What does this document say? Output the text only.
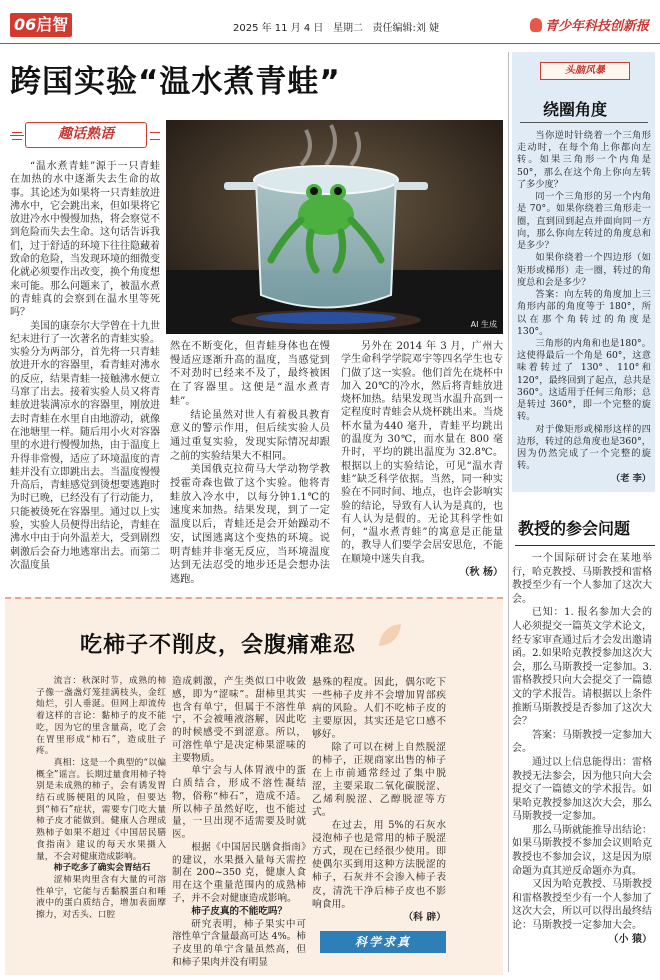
06启智	2025 年 11 月 4 日 星期二 责任编辑:刘 婕	青少年科技创新报
跨国实验“温水煮青蛙”
趣话熟语

“温水煮青蛙”源于一只青蛙在加热的水中逐渐失去生命的故事。其论述为如果将一只青蛙放进沸水中，它会跳出来，但如果将它放进冷水中慢慢加热，将会察觉不到危险而失去生命。这句话告诉我们，过于舒适的环境下往往隐藏着致命的危险，当发现环境的细微变化就必须要作出改变，换个角度想来可能。那么问题来了，被温水煮的青蛙真的会察到在温水里等死吗？

美国的康奈尔大学曾在十九世纪末进行了一次著名的青蛙实验。实验分为两部分，首先将一只青蛙放进开水的容器里，看青蛙对沸水的反应，结果青蛙一接触沸水便立马窜了出去。接着实验人员又将青蛙放进装满凉水的容器里，刚放进去时青蛙在水里自由地游动，就像在池塘里一样。随后用小火对容器里的水进行慢慢加热，由于温度上升得非常慢，适应了环境温度的青蛙并没有立即跳出去。当温度慢慢升高后，青蛙感觉到烫想要逃跑时为时已晚，已经没有了行动能力，只能被烫死在容器里。通过以上实验，实验人员便得出结论，青蛙在沸水中由于向外温差大，受到剧烈刺激后会奋力地逃窜出去。而第二次温度虽

AI 生成

然在不断变化，但青蛙身体也在慢慢适应逐渐升高的温度，当感觉到不对劲时已经来不及了，最终被困在了容器里。这便是“温水煮青蛙”。

结论虽然对世人有着极具教育意义的警示作用，但后续实验人员通过重复实验，发现实际情况却跟之前的实验结果大不相同。

美国俄克拉荷马大学动物学教授霍奇森也做了这个实验。他将青蛙放入冷水中，以每分钟1.1℃的速度来加热。结果发现，到了一定温度以后，青蛙还是会开始躁动不安，试图逃离这个变热的环境。说明青蛙并非毫无反应，当环境温度达到无法忍受的地步还是会想办法逃跑。

另外在 2014 年 3 月，广州大学生命科学学院邓宇等四名学生也专门做了这一实验。他们首先在烧杯中加入 20℃的冷水，然后将青蛙放进烧杯加热。结果发现当水温升高到一定程度时青蛙会从烧杯跳出来。当烧杯水量为440 毫升，青蛙平均跳出的温度为 30℃，而水量在 800 毫升时，平均的跳出温度为 32.8℃。根据以上的实验结论，可见“温水青蛙”缺乏科学依据。当然，同一种实验在不同时间、地点，也许会影响实验的结论，导致有人认为是真的，也有人认为是假的。无论其科学性如何，“温水煮青蛙”的寓意是正能量的，教导人们要学会居安思危，不能在顺境中迷失自我。

（秋 杨）

吃柿子不削皮，会腹痛难忍

流言：秋深时节，成熟的柿子像一盏盏灯笼挂满枝头，金红灿烂，引人垂涎。但网上却流传着这样的言论：黏柿子的皮不能吃，因为它的里含量高，吃了会在胃里形成“柿石”，造成肚子疼。

真相：这是一个典型的“以偏概全”谣言。长期过量食用柿子特别是未成熟的柿子，会有诱发胃结石或肠梗阻的风险，但要达到“柿石”症状，需要专门吃大量柿子皮才能做到。健康人合理成熟柿子如果不超过《中国居民膳食指南》建议的每天水果摄入量，不会对健康造成影响。

柿子吃多了确实会胃结石

涩柿果肉里含有大量的可溶性单宁，它能与舌黏膜蛋白和唾液中的蛋白质结合，增加表面摩擦力，对舌头、口腔

造成刺激，产生类似口中收敛感，即为“涩味”。甜柿里其实也含有单宁，但属于不溶性单宁，不会被唾液溶解，因此吃的时候感受不到涩意。所以，可溶性单宁是决定柿果涩味的主要物质。

单宁会与人体胃液中的蛋白质结合，形成不溶性凝结物，俗称“柿石”，造成不适。所以柿子虽然好吃，也不能过量，一旦出现不适需要及时就医。

根据《中国居民膳食指南》的建议，水果摄入量每天需控制在 200~350 克，健康人食用在这个重量范围内的成熟柿子，并不会对健康造成影响。

柿子皮真的不能吃吗？

研究表明，柿子果实中可溶性单宁含量最高可达 4%。柿子皮里的单宁含量虽然高，但和柿子果肉并没有明显

悬殊的程度。因此，偶尔吃下一些柿子皮并不会增加胃部疾病的风险。人们不吃柿子皮的主要原因，其实还是它口感不够好。

除了可以在树上自然脱涩的柿子，正规商家出售的柿子在上市前通常经过了集中脱涩，主要采取二氧化碳脱涩、乙烯利脱涩、乙醇脱涩等方式。

在过去，用 5%的石灰水浸泡柿子也是常用的柿子脱涩方式，现在已经很少使用。即使偶尔买到用这种方法脱涩的柿子，石灰并不会渗入柿子表皮，清洗干净后柿子皮也不影响食用。

（科 辟）

科学求真
头脑风暴
绕圈角度

当你逆时针绕着一个三角形走动时，在每个角上你都向左转。如果三角形一个内角是 50°，那么在这个角上你向左转了多少度？

同一个三角形的另一个内角是 70°。如果你绕着三角形走一圈，直到回到起点并面向同一方向，那么你向左转过的角度总和是多少？

如果你绕着一个四边形（如矩形或梯形）走一圈，转过的角度总和会是多少？

答案：向左转的角度加上三角形内部的角度等于 180°，所以在那个角转过的角度是 130°。

三角形的内角和也是180°。这使得最后一个角是 60°，这意味着转过了 130°、110°和 120°，最终回到了起点，总共是 360°。这适用于任何三角形；总是转过 360°，即一个完整的旋转。

对于像矩形或梯形这样的四边形，转过的总角度也是360°，因为仍然完成了一个完整的旋转。

（老 李）

教授的参会问题

一个国际研讨会在某地举行，哈克教授、马斯教授和雷格教授至少有一个人参加了这次大会。

已知：1. 报名参加大会的人必须提交一篇英文学术论文，经专家审查通过后才会发出邀请函。2.如果哈克教授参加这次大会，那么马斯教授一定参加。3.雷格教授只向大会提交了一篇德文的学术报告。请根据以上条件推断马斯教授是否参加了这次大会？

答案：马斯教授一定参加大会。

通过以上信息能得出：雷格教授无法参会，因为他只向大会提交了一篇德文的学术报告。如果哈克教授参加这次大会，那么马斯教授一定参加。

那么马斯就能推导出结论：如果马斯教授不参加会议则哈克教授也不参加会议，这是因为原命题为真其逆反命题亦为真。

又因为哈克教授、马斯教授和雷格教授至少有一个人参加了这次大会，所以可以得出最终结论：马斯教授一定参加大会。

（小 猿）
